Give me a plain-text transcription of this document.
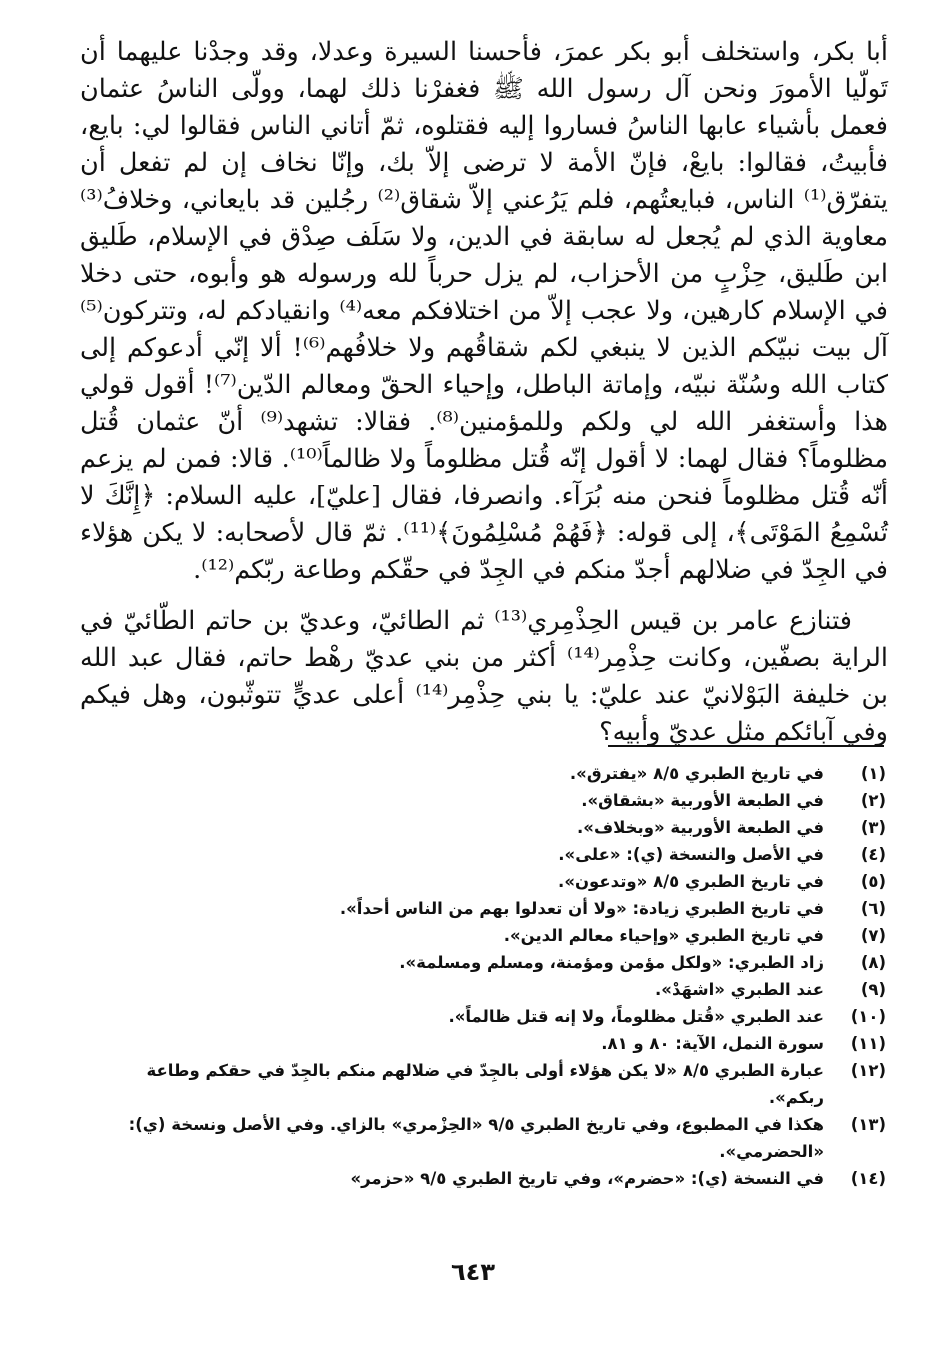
أبا بكر، واستخلف أبو بكر عمرَ، فأحسنا السيرة وعدلا، وقد وجدْنا عليهما أن تَولّيا الأمورَ ونحن آل رسول الله ﷺ فغفرْنا ذلك لهما، وولّى الناسُ عثمان فعمل بأشياء عابها الناسُ فساروا إليه فقتلوه، ثمّ أتاني الناس فقالوا لي: بايع، فأبيتُ، فقالوا: بايعْ، فإنّ الأمة لا ترضى إلاّ بك، وإنّا نخاف إن لم تفعل أن يتفرّق⁽¹⁾ الناس، فبايعتُهم، فلم يَرُعني إلاّ شقاق⁽²⁾ رجُلين قد بايعاني، وخلافُ⁽³⁾ معاوية الذي لم يُجعل له سابقة في الدين، ولا سَلَف صِدْق في الإسلام، طَليق ابن طَليق، حِزْبٍ من الأحزاب، لم يزل حرباً لله ورسوله هو وأبوه، حتى دخلا في الإسلام كارهين، ولا عجب إلاّ من اختلافكم معه⁽⁴⁾ وانقيادكم له، وتتركون⁽⁵⁾ آل بيت نبيّكم الذين لا ينبغي لكم شقاقُهم ولا خلافُهم⁽⁶⁾! ألا إنّي أدعوكم إلى كتاب الله وسُنّة نبيّه، وإماتة الباطل، وإحياء الحقّ ومعالم الدّين⁽⁷⁾! أقول قولي هذا وأستغفر الله لي ولكم وللمؤمنين⁽⁸⁾. فقالا: تشهد⁽⁹⁾ أنّ عثمان قُتل مظلوماً؟ فقال لهما: لا أقول إنّه قُتل مظلوماً ولا ظالماً⁽¹⁰⁾. قالا: فمن لم يزعم أنّه قُتل مظلوماً فنحن منه بُرَآء. وانصرفا، فقال [عليّ]، عليه السلام: ﴿إِنَّكَ لا تُسْمِعُ المَوْتَى﴾، إلى قوله: ﴿فَهُمْ مُسْلِمُونَ﴾⁽¹¹⁾. ثمّ قال لأصحابه: لا يكن هؤلاء في الجِدّ في ضلالهم أجدّ منكم في الجِدّ في حقّكم وطاعة ربّكم⁽¹²⁾.

فتنازع عامر بن قيس الحِذْمِري⁽¹³⁾ ثم الطائيّ، وعديّ بن حاتم الطّائيّ في الراية بصفّين، وكانت حِذْمِر⁽¹⁴⁾ أكثر من بني عديّ رهْط حاتم، فقال عبد الله بن خليفة البَوْلانيّ عند عليّ: يا بني حِذْمِر⁽¹⁴⁾ أعلى عديٍّ تتوثّبون، وهل فيكم وفي آبائكم مثل عديّ وأبيه؟

(١)
في تاريخ الطبري ٨/٥ «يفترق».
(٢)
في الطبعة الأوربية «بشقاق».
(٣)
في الطبعة الأوربية «وبخلاف».
(٤)
في الأصل والنسخة (ي): «على».
(٥)
في تاريخ الطبري ٨/٥ «وتدعون».
(٦)
في تاريخ الطبري زيادة: «ولا أن تعدلوا بهم من الناس أحداً».
(٧)
في تاريخ الطبري «وإحياء معالم الدين».
(٨)
زاد الطبري: «ولكل مؤمن ومؤمنة، ومسلم ومسلمة».
(٩)
عند الطبري «اشهَدْ».
(١٠)
عند الطبري «قُتل مظلوماً، ولا إنه قتل ظالماً».
(١١)
سورة النمل، الآية: ٨٠ و ٨١.
(١٢)
عبارة الطبري ٨/٥ «لا يكن هؤلاء أولى بالجِدّ في ضلالهم منكم بالجِدّ في حقكم وطاعة ربكم».
(١٣)
هكذا في المطبوع، وفي تاريخ الطبري ٩/٥ «الحِزْمري» بالزاي. وفي الأصل ونسخة (ي): «الحضرمي».
(١٤)
في النسخة (ي): «حضرم»، وفي تاريخ الطبري ٩/٥ «حزمر»
٦٤٣
